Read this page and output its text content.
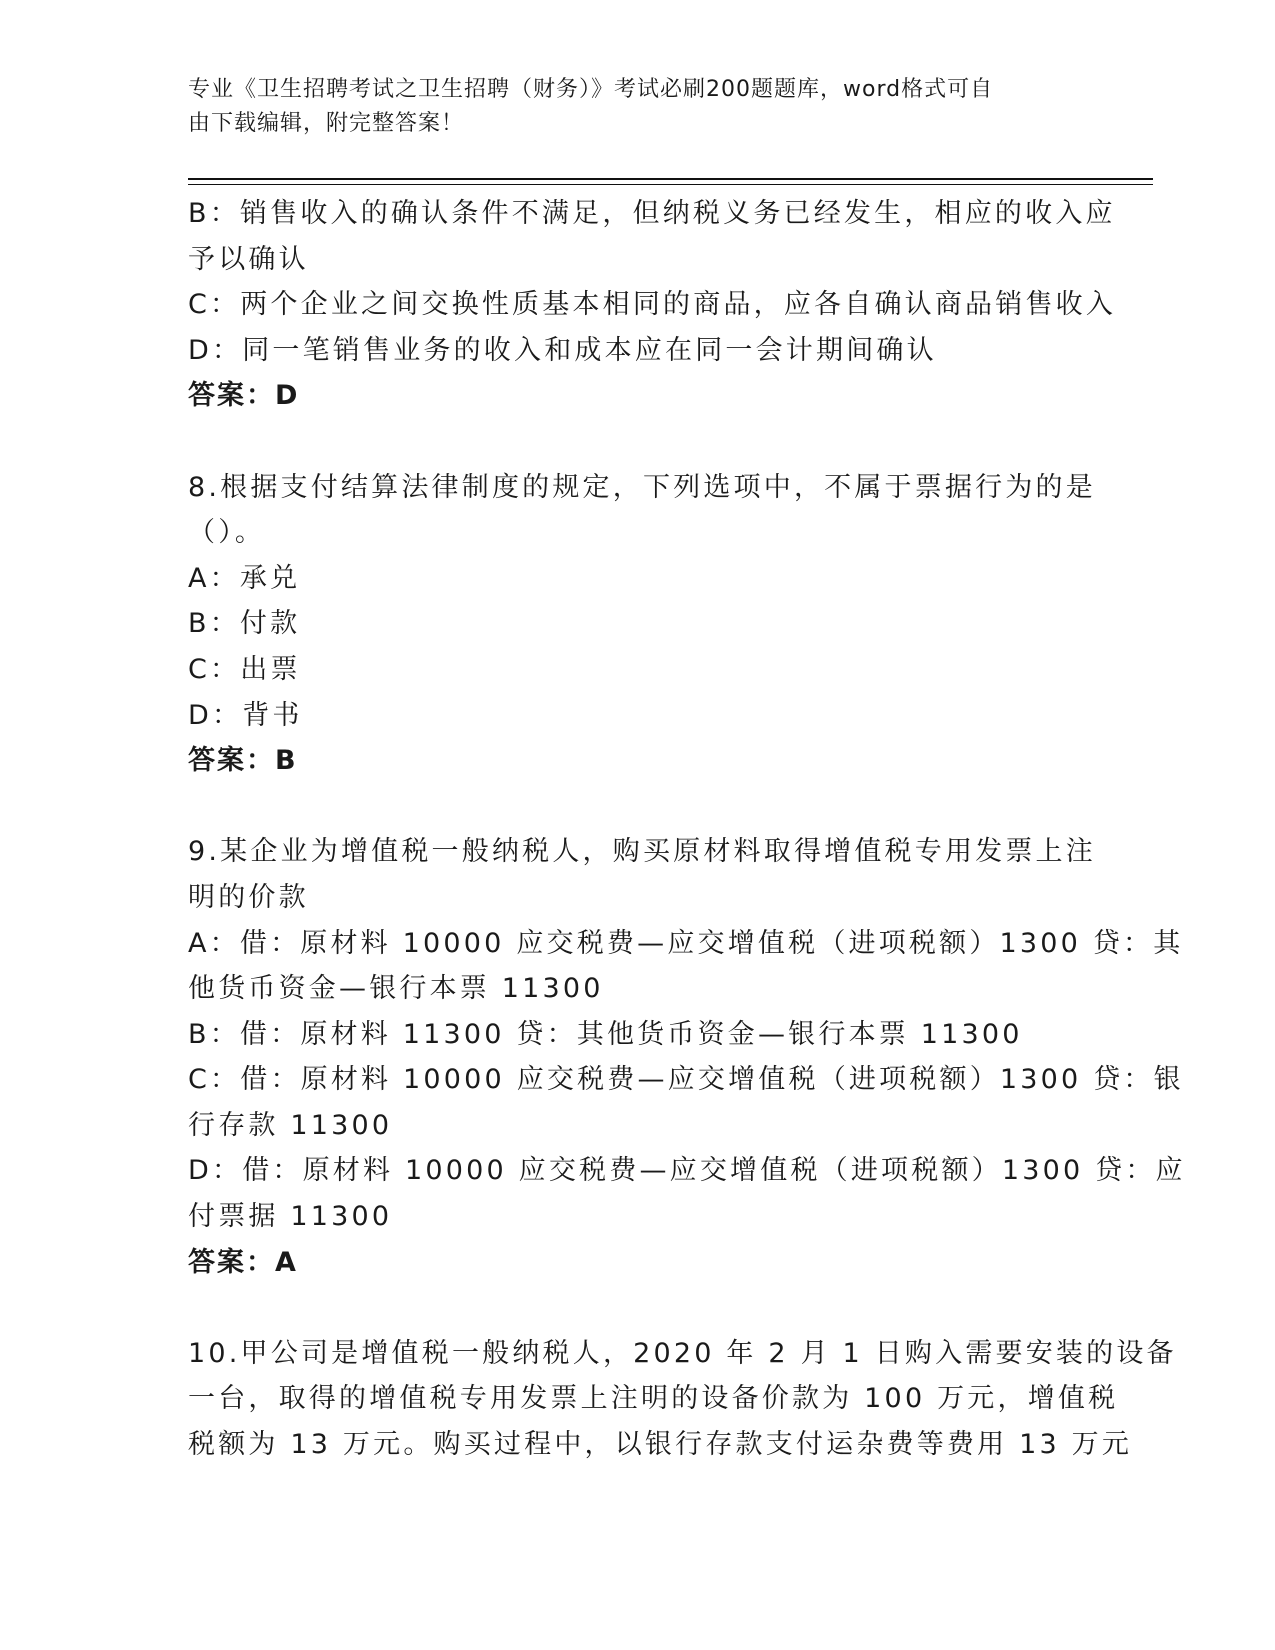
专业《卫生招聘考试之卫生招聘（财务）》考试必刷200题题库，word格式可自
由下载编辑，附完整答案！
B：销售收入的确认条件不满足，但纳税义务已经发生，相应的收入应
予以确认
C：两个企业之间交换性质基本相同的商品，应各自确认商品销售收入
D：同一笔销售业务的收入和成本应在同一会计期间确认
答案：D
8.根据支付结算法律制度的规定，下列选项中，不属于票据行为的是
（）。
A：承兑
B：付款
C：出票
D：背书
答案：B
9.某企业为增值税一般纳税人，购买原材料取得增值税专用发票上注
明的价款
A：借：原材料 10000 应交税费—应交增值税（进项税额）1300 贷：其
他货币资金—银行本票 11300
B：借：原材料 11300 贷：其他货币资金—银行本票 11300
C：借：原材料 10000 应交税费—应交增值税（进项税额）1300 贷：银
行存款 11300
D：借：原材料 10000 应交税费—应交增值税（进项税额）1300 贷：应
付票据 11300
答案：A
10.甲公司是增值税一般纳税人，2020 年 2 月 1 日购入需要安装的设备
一台，取得的增值税专用发票上注明的设备价款为 100 万元，增值税
税额为 13 万元。购买过程中，以银行存款支付运杂费等费用 13 万元
